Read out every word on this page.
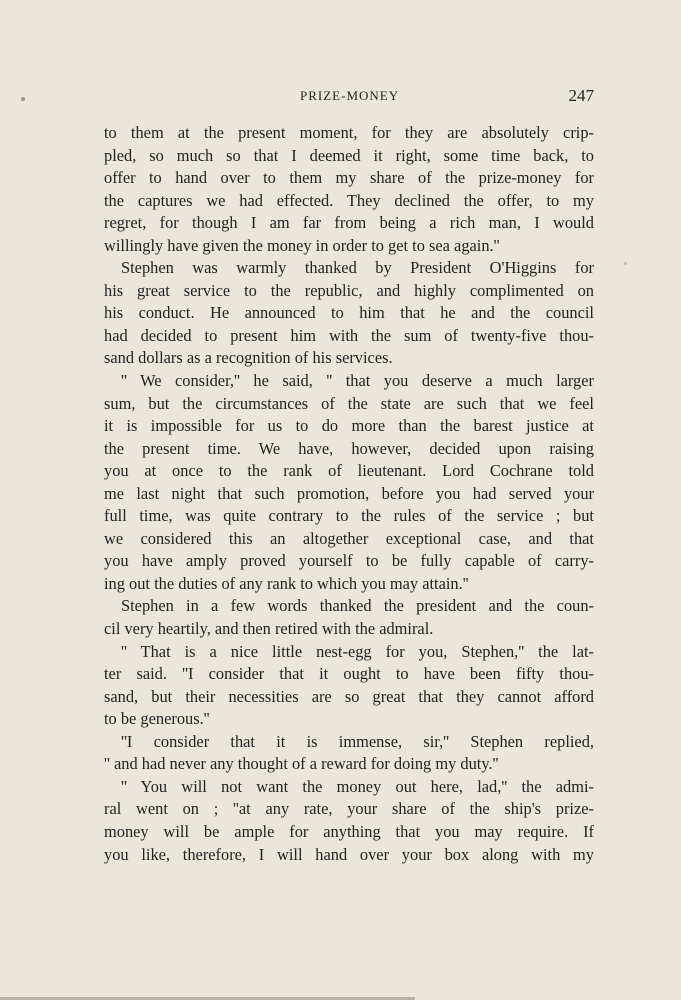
PRIZE-MONEY	247
to them at the present moment, for they are absolutely crip-
pled, so much so that I deemed it right, some time back, to
offer to hand over to them my share of the prize-money for
the captures we had effected. They declined the offer, to my
regret, for though I am far from being a rich man, I would
willingly have given the money in order to get to sea again.''
Stephen was warmly thanked by President O'Higgins for
his great service to the republic, and highly complimented on
his conduct. He announced to him that he and the council
had decided to present him with the sum of twenty-five thou-
sand dollars as a recognition of his services.
'' We consider,'' he said, '' that you deserve a much larger
sum, but the circumstances of the state are such that we feel
it is impossible for us to do more than the barest justice at
the present time. We have, however, decided upon raising
you at once to the rank of lieutenant. Lord Cochrane told
me last night that such promotion, before you had served your
full time, was quite contrary to the rules of the service ; but
we considered this an altogether exceptional case, and that
you have amply proved yourself to be fully capable of carry-
ing out the duties of any rank to which you may attain.''
Stephen in a few words thanked the president and the coun-
cil very heartily, and then retired with the admiral.
'' That is a nice little nest-egg for you, Stephen,'' the lat-
ter said. ''I consider that it ought to have been fifty thou-
sand, but their necessities are so great that they cannot afford
to be generous.''
''I consider that it is immense, sir,'' Stephen replied,
'' and had never any thought of a reward for doing my duty.''
'' You will not want the money out here, lad,'' the admi-
ral went on ; ''at any rate, your share of the ship's prize-
money will be ample for anything that you may require. If
you like, therefore, I will hand over your box along with my
